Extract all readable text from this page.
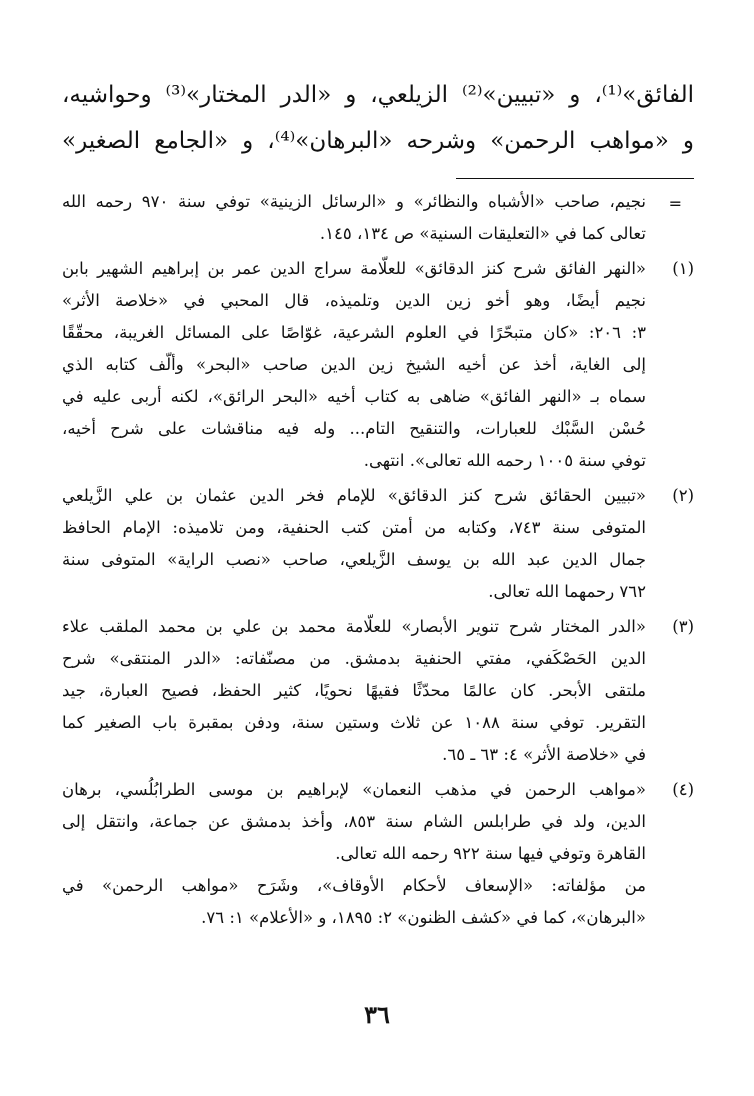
الفائق»⁽¹⁾، و «تبيين»⁽²⁾ الزيلعي، و «الدر المختار»⁽³⁾ وحواشيه،
و «مواهب الرحمن» وشرحه «البرهان»⁽⁴⁾، و «الجامع الصغير»
=
نجيم، صاحب «الأشباه والنظائر» و «الرسائل الزينية» توفي سنة ٩٧٠ رحمه الله
تعالى كما في «التعليقات السنية» ص ١٣٤، ١٤٥.
(١)
«النهر الفائق شرح كنز الدقائق» للعلّامة سراج الدين عمر بن إبراهيم الشهير بابن
نجيم أيضًا، وهو أخو زين الدين وتلميذه، قال المحبي في «خلاصة الأثر»
٣: ٢٠٦: «كان متبحّرًا في العلوم الشرعية، غوّاصًا على المسائل الغريبة، محقّقًا
إلى الغاية، أخذ عن أخيه الشيخ زين الدين صاحب «البحر» وألّف كتابه الذي
سماه بـ «النهر الفائق» ضاهى به كتاب أخيه «البحر الرائق»، لكنه أربى عليه في
حُسْن السَّبْك للعبارات، والتنقيح التام... وله فيه مناقشات على شرح أخيه،
توفي سنة ١٠٠٥ رحمه الله تعالى». انتهى.
(٢)
«تبيين الحقائق شرح كنز الدقائق» للإمام فخر الدين عثمان بن علي الزَّيلعي
المتوفى سنة ٧٤٣، وكتابه من أمتن كتب الحنفية، ومن تلاميذه: الإمام الحافظ
جمال الدين عبد الله بن يوسف الزَّيلعي، صاحب «نصب الراية» المتوفى سنة
٧٦٢ رحمهما الله تعالى.
(٣)
«الدر المختار شرح تنوير الأبصار» للعلّامة محمد بن علي بن محمد الملقب علاء
الدين الحَصْكَفي، مفتي الحنفية بدمشق. من مصنّفاته: «الدر المنتقى» شرح
ملتقى الأبحر. كان عالمًا محدّثًا فقيهًا نحويًا، كثير الحفظ، فصيح العبارة، جيد
التقرير. توفي سنة ١٠٨٨ عن ثلاث وستين سنة، ودفن بمقبرة باب الصغير كما
في «خلاصة الأثر» ٤: ٦٣ ـ ٦٥.
(٤)
«مواهب الرحمن في مذهب النعمان» لإبراهيم بن موسى الطرابُلُسي، برهان
الدين، ولد في طرابلس الشام سنة ٨٥٣، وأخذ بدمشق عن جماعة، وانتقل إلى
القاهرة وتوفي فيها سنة ٩٢٢ رحمه الله تعالى.
من مؤلفاته: «الإسعاف لأحكام الأوقاف»، وشَرَح «مواهب الرحمن» في
«البرهان»، كما في «كشف الظنون» ٢: ١٨٩٥، و «الأعلام» ١: ٧٦.
٣٦
